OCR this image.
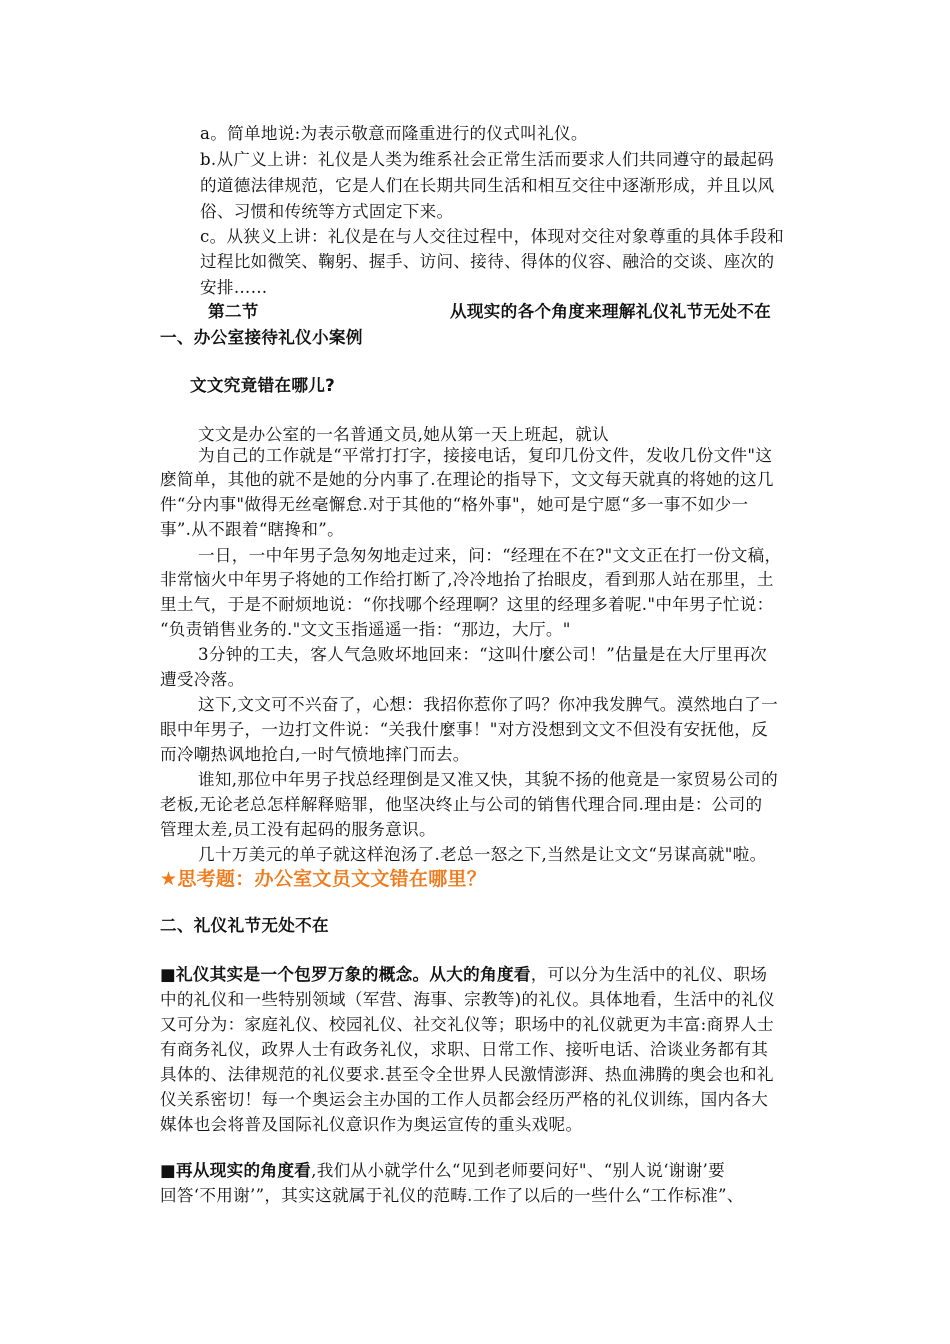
a。简单地说:为表示敬意而隆重进行的仪式叫礼仪。
b.从广义上讲：礼仪是人类为维系社会正常生活而要求人们共同遵守的最起码
的道德法律规范，它是人们在长期共同生活和相互交往中逐渐形成，并且以风
俗、习惯和传统等方式固定下来。
c。从狭义上讲：礼仪是在与人交往过程中，体现对交往对象尊重的具体手段和
过程比如微笑、鞠躬、握手、访问、接待、得体的仪容、融洽的交谈、座次的
安排……
第二节	从现实的各个角度来理解礼仪礼节无处不在
一、办公室接待礼仪小案例
文文究竟错在哪儿?
文文是办公室的一名普通文员,她从第一天上班起，就认
为自己的工作就是“平常打打字，接接电话，复印几份文件，发收几份文件"这
麽简单，其他的就不是她的分内事了.在理论的指导下，文文每天就真的将她的这几
件“分内事"做得无丝毫懈怠.对于其他的“格外事"，她可是宁愿“多一事不如少一
事”.从不跟着“瞎搀和”。
一日，一中年男子急匆匆地走过来，问：“经理在不在?"文文正在打一份文稿，
非常恼火中年男子将她的工作给打断了,冷冷地抬了抬眼皮，看到那人站在那里，土
里土气，于是不耐烦地说：“你找哪个经理啊？这里的经理多着呢."中年男子忙说：
“负责销售业务的."文文玉指遥遥一指：“那边，大厅。"
3分钟的工夫，客人气急败坏地回来：“这叫什麼公司！”估量是在大厅里再次
遭受冷落。
这下,文文可不兴奋了，心想：我招你惹你了吗？你冲我发脾气。漠然地白了一
眼中年男子，一边打文件说：“关我什麼事！"对方没想到文文不但没有安抚他，反
而冷嘲热讽地抢白,一时气愤地摔门而去。
谁知,那位中年男子找总经理倒是又准又快，其貌不扬的他竟是一家贸易公司的
老板,无论老总怎样解释赔罪，他坚决终止与公司的销售代理合同.理由是：公司的
管理太差,员工没有起码的服务意识。
几十万美元的单子就这样泡汤了.老总一怒之下,当然是让文文“另谋高就"啦。
★思考题：办公室文员文文错在哪里？
二、礼仪礼节无处不在
■礼仪其实是一个包罗万象的概念。从大的角度看，可以分为生活中的礼仪、职场
中的礼仪和一些特别领域（军营、海事、宗教等)的礼仪。具体地看，生活中的礼仪
又可分为：家庭礼仪、校园礼仪、社交礼仪等；职场中的礼仪就更为丰富:商界人士
有商务礼仪，政界人士有政务礼仪，求职、日常工作、接听电话、洽谈业务都有其
具体的、法律规范的礼仪要求.甚至令全世界人民激情澎湃、热血沸腾的奥会也和礼
仪关系密切！每一个奥运会主办国的工作人员都会经历严格的礼仪训练，国内各大
媒体也会将普及国际礼仪意识作为奥运宣传的重头戏呢。
■再从现实的角度看,我们从小就学什么“见到老师要问好"、“别人说‘谢谢’要
回答‘不用谢’”，其实这就属于礼仪的范畴.工作了以后的一些什么“工作标准”、
